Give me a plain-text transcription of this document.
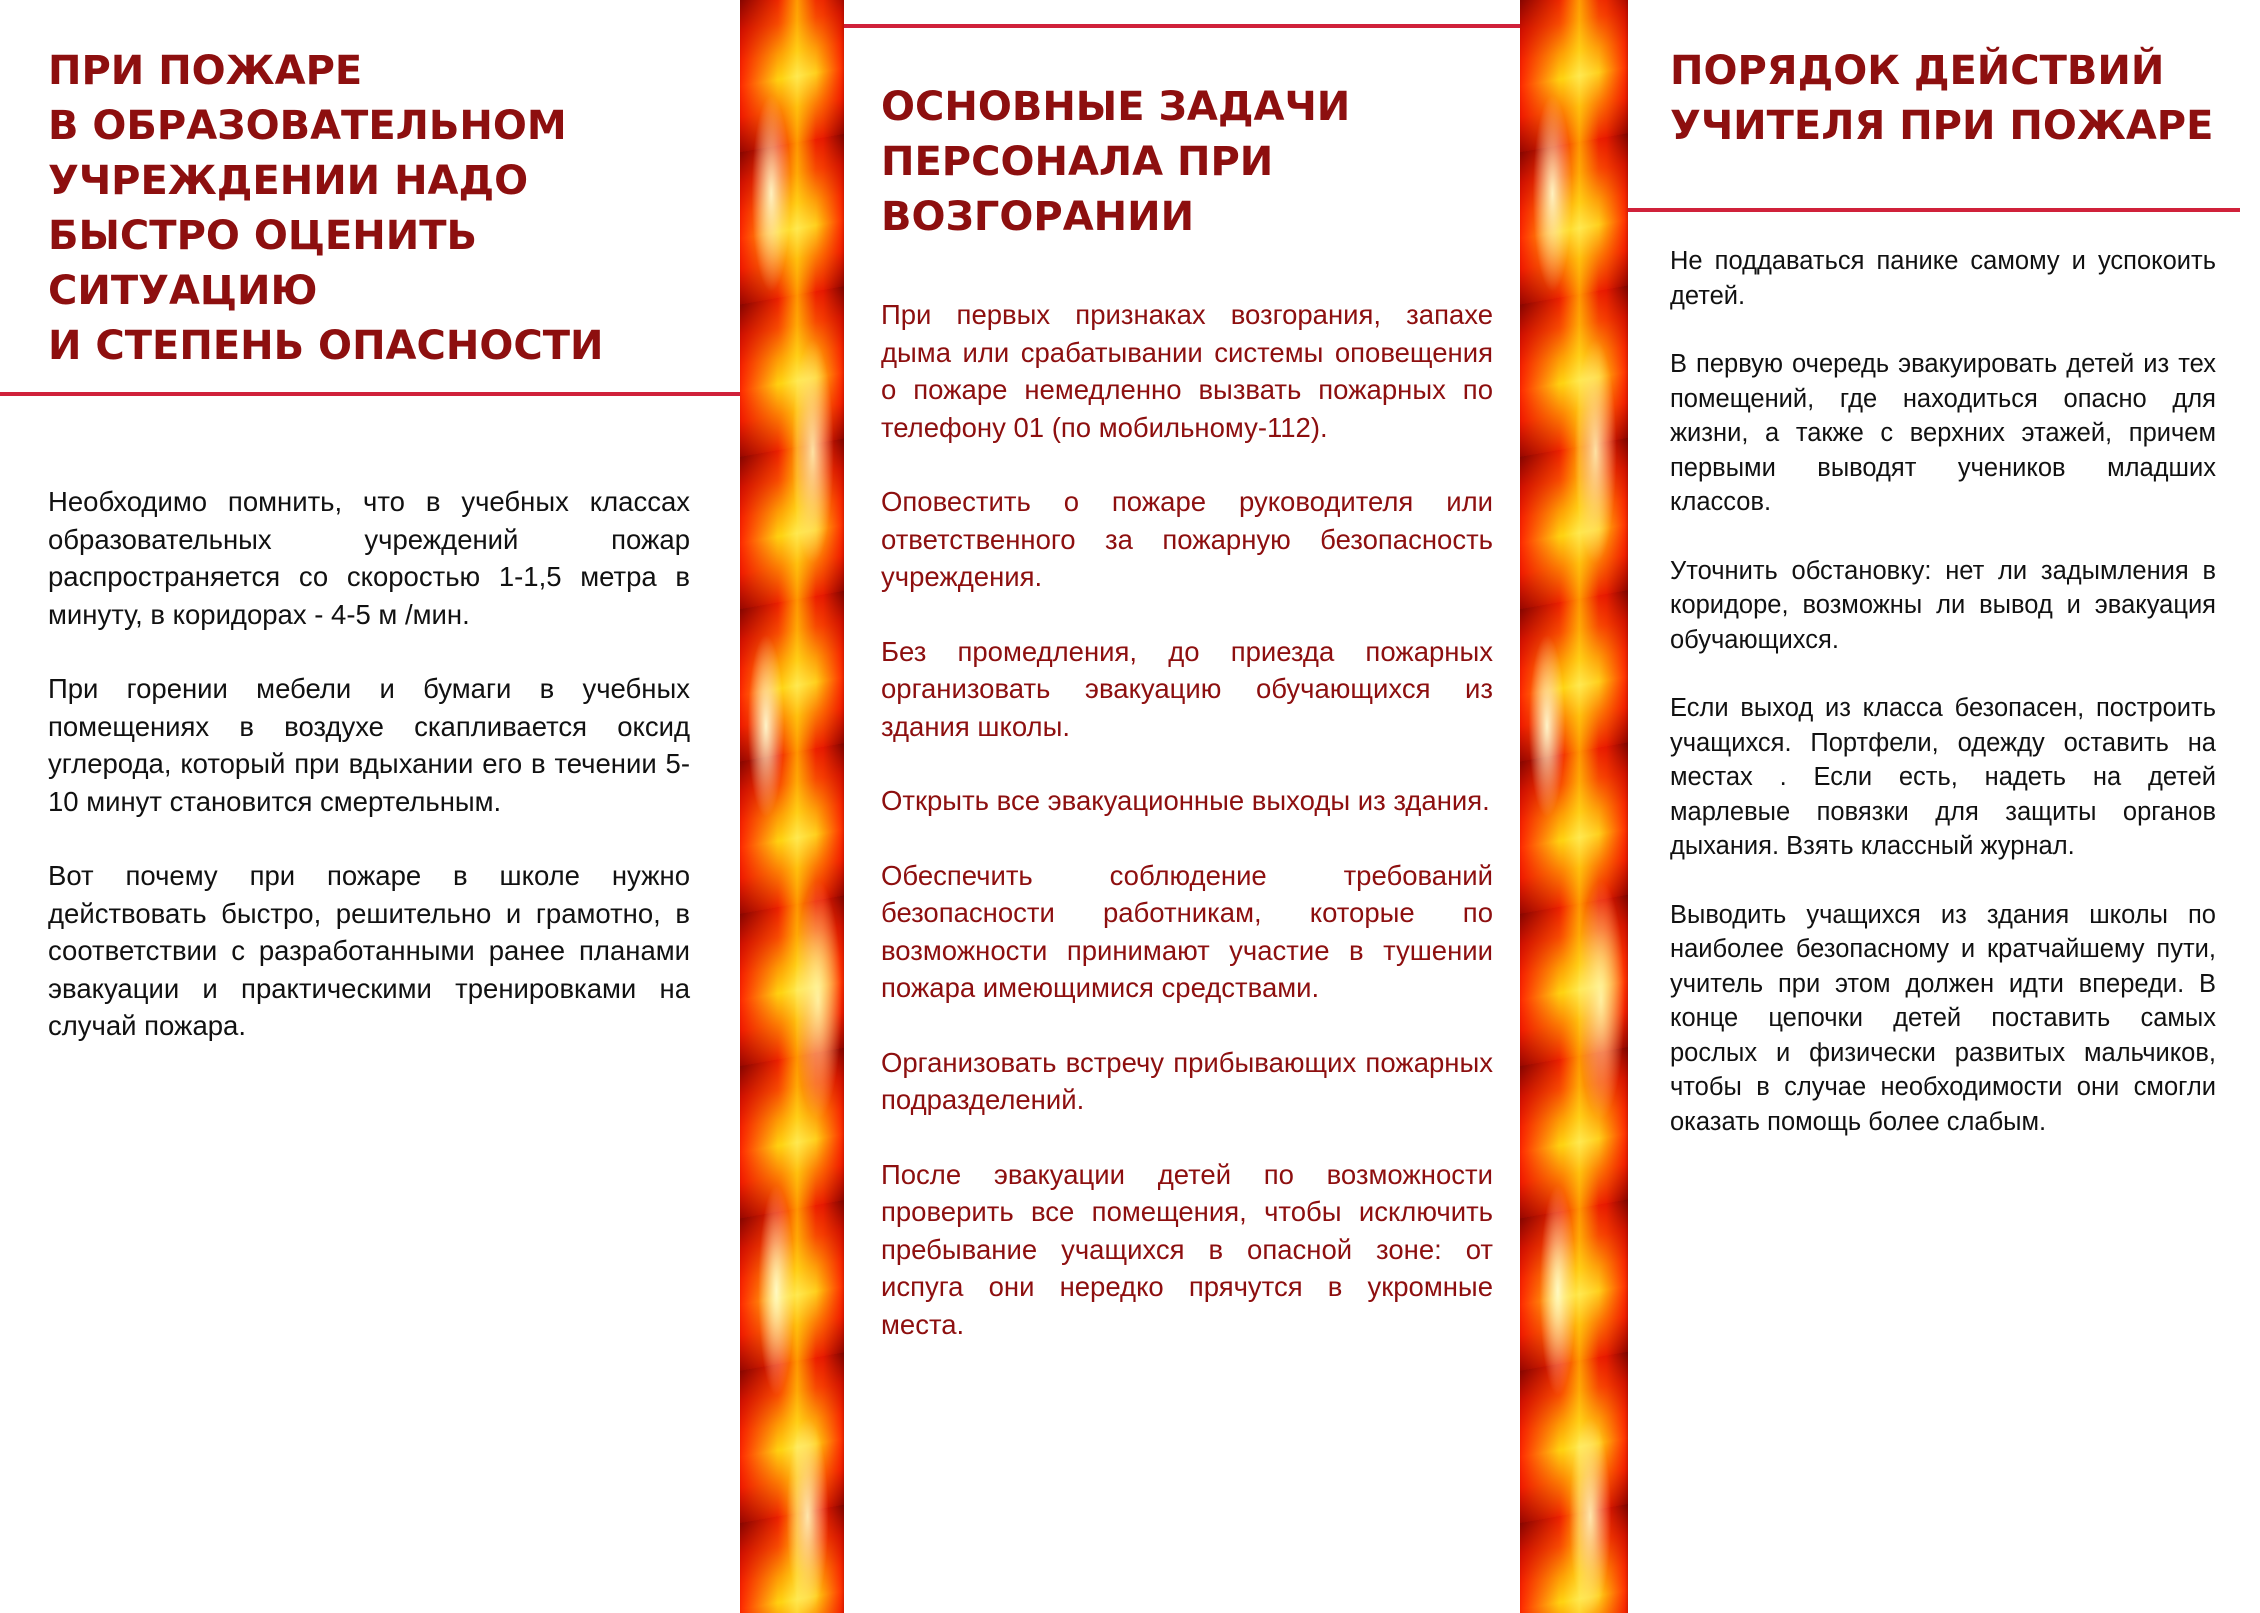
ПРИ ПОЖАРЕ
В ОБРАЗОВАТЕЛЬНОМ
УЧРЕЖДЕНИИ НАДО
БЫСТРО ОЦЕНИТЬ
СИТУАЦИЮ
И СТЕПЕНЬ ОПАСНОСТИ

Необходимо помнить, что в учебных классах образовательных учреждений пожар распространяется со скоростью 1-1,5 метра в минуту, в коридорах - 4-5 м /мин.

При горении мебели и бумаги в учебных помещениях в воздухе скапливается оксид углерода, который при вдыхании его в течении 5-10 минут становится смертельным.

Вот почему при пожаре в школе нужно действовать быстро, решительно и грамотно, в соответствии с разработанными ранее планами эвакуации и практическими тренировками на случай пожара.

ОСНОВНЫЕ ЗАДАЧИ
ПЕРСОНАЛА ПРИ
ВОЗГОРАНИИ

При первых признаках возгорания, запахе дыма или срабатывании системы оповещения о пожаре немедленно вызвать пожарных по телефону 01 (по мобильному-112).

Оповестить о пожаре руководителя или ответственного за пожарную безопасность учреждения.

Без промедления, до приезда пожарных организовать эвакуацию обучающихся из здания школы.

Открыть все эвакуационные выходы из здания.

Обеспечить соблюдение требований безопасности работникам, которые по возможности принимают участие в тушении пожара имеющимися средствами.

Организовать встречу прибывающих пожарных подразделений.

После эвакуации детей по возможности проверить все помещения, чтобы исключить пребывание учащихся в опасной зоне: от испуга они нередко прячутся в укромные места.

ПОРЯДОК ДЕЙСТВИЙ
УЧИТЕЛЯ ПРИ ПОЖАРЕ

Не поддаваться панике самому и успокоить детей.

В первую очередь эвакуировать детей из тех помещений, где находиться опасно для жизни, а также с верхних этажей, причем первыми выводят учеников младших классов.

Уточнить обстановку: нет ли задымления в коридоре, возможны ли вывод и эвакуация обучающихся.

Если выход из класса безопасен, построить учащихся. Портфели, одежду оставить на местах . Если есть, надеть на детей марлевые повязки для защиты органов дыхания. Взять классный журнал.

Выводить учащихся из здания школы по наиболее безопасному и кратчайшему пути, учитель при этом должен идти впереди. В конце цепочки детей поставить самых рослых и физически развитых мальчиков, чтобы в случае необходимости они смогли оказать помощь более слабым.
